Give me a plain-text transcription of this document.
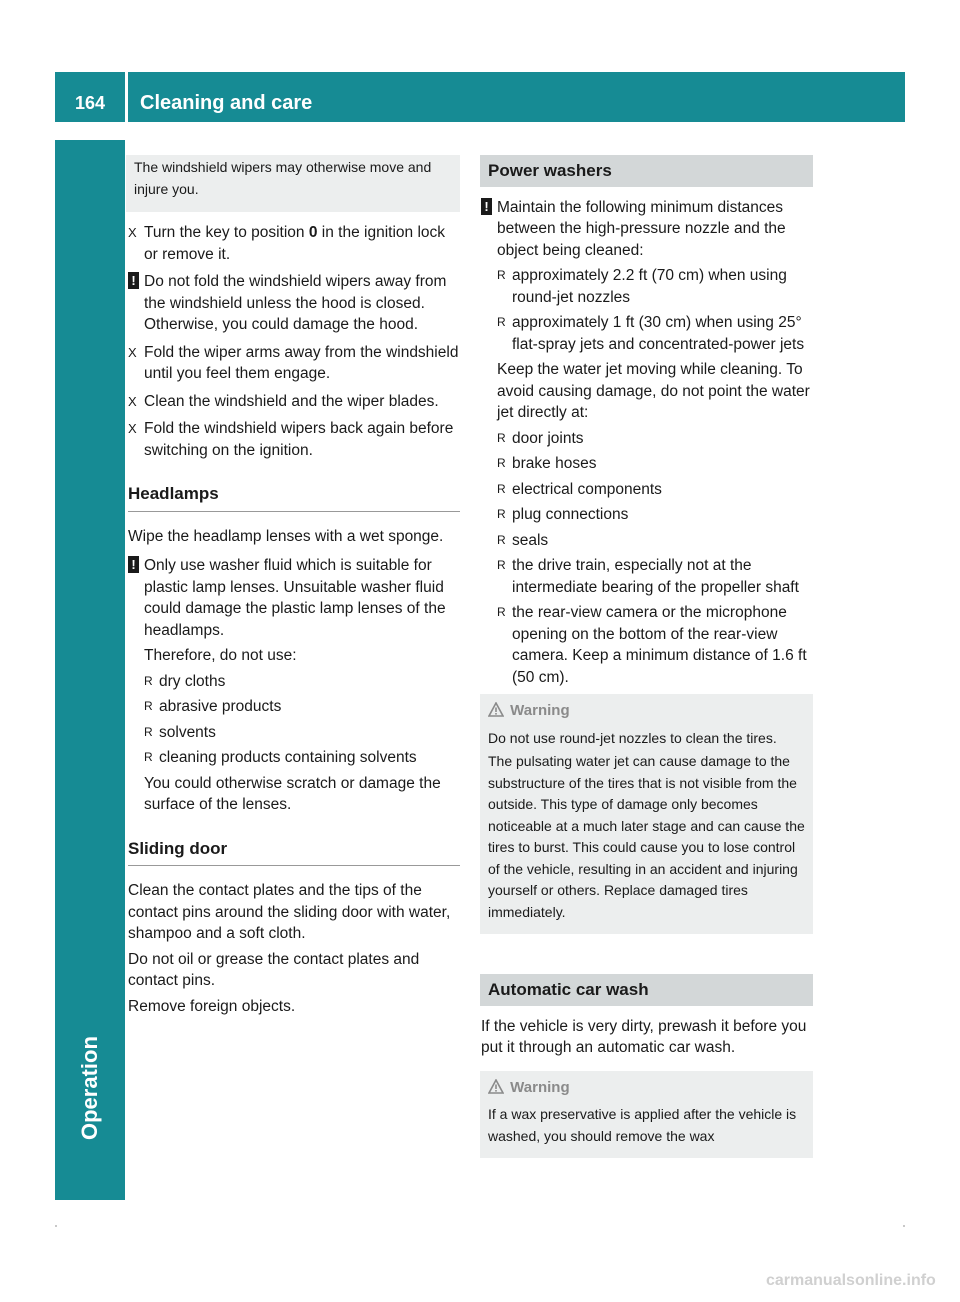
164	Cleaning and care
Operation

The windshield wipers may otherwise move and injure you.

X Turn the key to position 0 in the ignition lock or remove it.
! Do not fold the windshield wipers away from the windshield unless the hood is closed. Otherwise, you could damage the hood.

X Fold the wiper arms away from the windshield until you feel them engage.
X Clean the windshield and the wiper blades.
X Fold the windshield wipers back again before switching on the ignition.
Headlamps

Wipe the headlamp lenses with a wet sponge.

! Only use washer fluid which is suitable for plastic lamp lenses. Unsuitable washer fluid could damage the plastic lamp lenses of the headlamps.

Therefore, do not use:

R dry cloths
R abrasive products
R solvents
R cleaning products containing solvents

You could otherwise scratch or damage the surface of the lenses.

Sliding door

Clean the contact plates and the tips of the contact pins around the sliding door with water, shampoo and a soft cloth.

Do not oil or grease the contact plates and contact pins.

Remove foreign objects.

Power washers
! Maintain the following minimum distances between the high-pressure nozzle and the object being cleaned:

R approximately 2.2 ft (70 cm) when using round-jet nozzles
R approximately 1 ft (30 cm) when using 25° flat-spray jets and concentrated-power jets

Keep the water jet moving while cleaning. To avoid causing damage, do not point the water jet directly at:

R door joints
R brake hoses
R electrical components
R plug connections
R seals
R the drive train, especially not at the intermediate bearing of the propeller shaft
R the rear-view camera or the microphone opening on the bottom of the rear-view camera. Keep a minimum distance of 1.6 ft (50 cm).
Warning

Do not use round-jet nozzles to clean the tires.

The pulsating water jet can cause damage to the substructure of the tires that is not visible from the outside. This type of damage only becomes noticeable at a much later stage and can cause the tires to burst. This could cause you to lose control of the vehicle, resulting in an accident and injuring yourself or others. Replace damaged tires immediately.

Automatic car wash

If the vehicle is very dirty, prewash it before you put it through an automatic car wash.

Warning

If a wax preservative is applied after the vehicle is washed, you should remove the wax

carmanualsonline.info
